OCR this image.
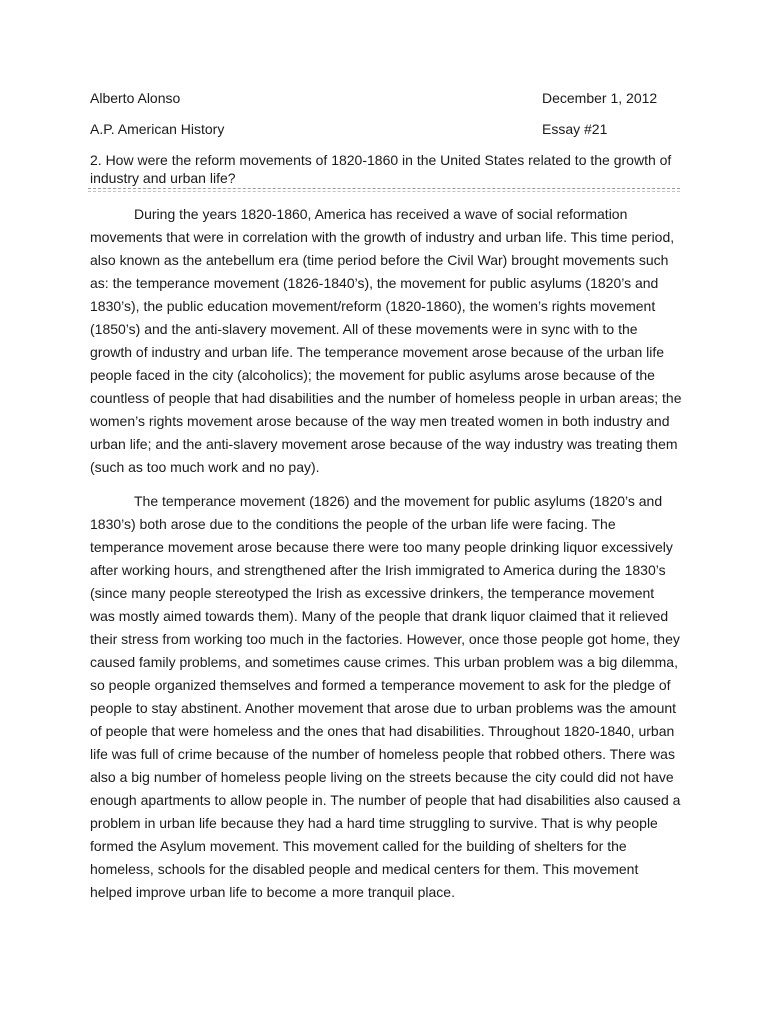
Alberto Alonso	December 1, 2012
A.P. American History	Essay #21
2. How were the reform movements of 1820-1860 in the United States related to the growth of industry and urban life?

During the years 1820-1860, America has received a wave of social reformation movements that were in correlation with the growth of industry and urban life. This time period, also known as the antebellum era (time period before the Civil War) brought movements such as: the temperance movement (1826-1840’s), the movement for public asylums (1820’s and 1830’s), the public education movement/reform (1820-1860), the women’s rights movement (1850’s) and the anti-slavery movement. All of these movements were in sync with to the growth of industry and urban life. The temperance movement arose because of the urban life people faced in the city (alcoholics); the movement for public asylums arose because of the countless of people that had disabilities and the number of homeless people in urban areas; the women’s rights movement arose because of the way men treated women in both industry and urban life; and the anti-slavery movement arose because of the way industry was treating them (such as too much work and no pay).

The temperance movement (1826) and the movement for public asylums (1820’s and 1830’s) both arose due to the conditions the people of the urban life were facing. The temperance movement arose because there were too many people drinking liquor excessively after working hours, and strengthened after the Irish immigrated to America during the 1830’s (since many people stereotyped the Irish as excessive drinkers, the temperance movement was mostly aimed towards them). Many of the people that drank liquor claimed that it relieved their stress from working too much in the factories. However, once those people got home, they caused family problems, and sometimes cause crimes. This urban problem was a big dilemma, so people organized themselves and formed a temperance movement to ask for the pledge of people to stay abstinent. Another movement that arose due to urban problems was the amount of people that were homeless and the ones that had disabilities. Throughout 1820-1840, urban life was full of crime because of the number of homeless people that robbed others. There was also a big number of homeless people living on the streets because the city could did not have enough apartments to allow people in. The number of people that had disabilities also caused a problem in urban life because they had a hard time struggling to survive. That is why people formed the Asylum movement. This movement called for the building of shelters for the homeless, schools for the disabled people and medical centers for them. This movement helped improve urban life to become a more tranquil place.
